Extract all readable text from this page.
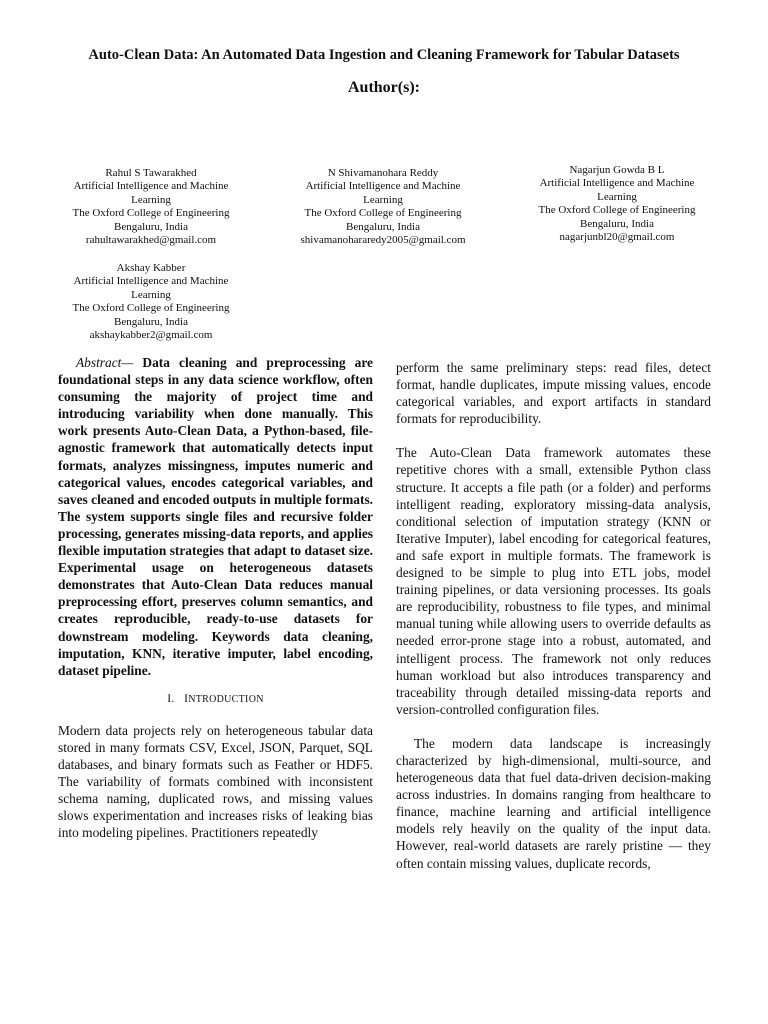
Auto-Clean Data: An Automated Data Ingestion and Cleaning Framework for Tabular Datasets
Author(s):
Rahul S Tawarakhed
Artificial Intelligence and Machine
Learning
The Oxford College of Engineering
Bengaluru, India
rahultawarakhed@gmail.com
N Shivamanohara Reddy
Artificial Intelligence and Machine
Learning
The Oxford College of Engineering
Bengaluru, India
shivamanohararedy2005@gmail.com
Nagarjun Gowda B L
Artificial Intelligence and Machine
Learning
The Oxford College of Engineering
Bengaluru, India
nagarjunbl20@gmail.com
Akshay Kabber
Artificial Intelligence and Machine
Learning
The Oxford College of Engineering
Bengaluru, India
akshaykabber2@gmail.com

Abstract— Data cleaning and preprocessing are foundational steps in any data science workflow, often consuming the majority of project time and introducing variability when done manually. This work presents Auto-Clean Data, a Python-based, file-agnostic framework that automatically detects input formats, analyzes missingness, imputes numeric and categorical values, encodes categorical variables, and saves cleaned and encoded outputs in multiple formats. The system supports single files and recursive folder processing, generates missing-data reports, and applies flexible imputation strategies that adapt to dataset size. Experimental usage on heterogeneous datasets demonstrates that Auto-Clean Data reduces manual preprocessing effort, preserves column semantics, and creates reproducible, ready-to-use datasets for downstream modeling. Keywords data cleaning, imputation, KNN, iterative imputer, label encoding, dataset pipeline.

I. INTRODUCTION

Modern data projects rely on heterogeneous tabular data stored in many formats CSV, Excel, JSON, Parquet, SQL databases, and binary formats such as Feather or HDF5. The variability of formats combined with inconsistent schema naming, duplicated rows, and missing values slows experimentation and increases risks of leaking bias into modeling pipelines. Practitioners repeatedly

perform the same preliminary steps: read files, detect format, handle duplicates, impute missing values, encode categorical variables, and export artifacts in standard formats for reproducibility.

The Auto-Clean Data framework automates these repetitive chores with a small, extensible Python class structure. It accepts a file path (or a folder) and performs intelligent reading, exploratory missing-data analysis, conditional selection of imputation strategy (KNN or Iterative Imputer), label encoding for categorical features, and safe export in multiple formats. The framework is designed to be simple to plug into ETL jobs, model training pipelines, or data versioning processes. Its goals are reproducibility, robustness to file types, and minimal manual tuning while allowing users to override defaults as needed error-prone stage into a robust, automated, and intelligent process. The framework not only reduces human workload but also introduces transparency and traceability through detailed missing-data reports and version-controlled configuration files.

The modern data landscape is increasingly characterized by high-dimensional, multi-source, and heterogeneous data that fuel data-driven decision-making across industries. In domains ranging from healthcare to finance, machine learning and artificial intelligence models rely heavily on the quality of the input data. However, real-world datasets are rarely pristine — they often contain missing values, duplicate records,
